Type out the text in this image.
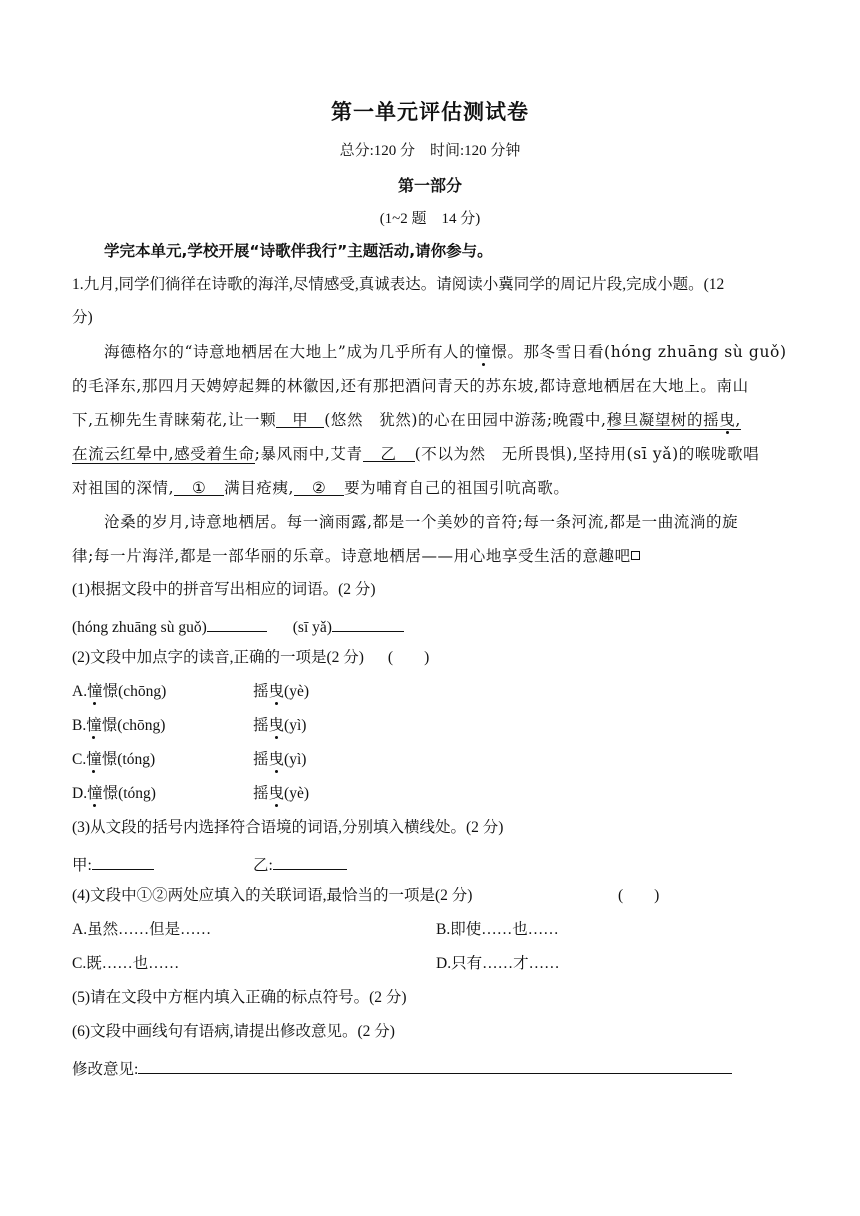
第一单元评估测试卷
总分:120 分　时间:120 分钟
第一部分
(1~2 题　14 分)
学完本单元,学校开展“诗歌伴我行”主题活动,请你参与。
1.九月,同学们徜徉在诗歌的海洋,尽情感受,真诚表达。请阅读小冀同学的周记片段,完成小题。(12
分)
海德格尔的“诗意地栖居在大地上”成为几乎所有人的憧憬。那冬雪日看(hóng zhuāng sù guǒ)
的毛泽东,那四月天娉婷起舞的林徽因,还有那把酒问青天的苏东坡,都诗意地栖居在大地上。南山
下,五柳先生青睐菊花,让一颗 甲 (悠然　犹然)的心在田园中游荡;晚霞中,穆旦凝望树的摇曳,
在流云红晕中,感受着生命;暴风雨中,艾青 乙 (不以为然　无所畏惧),坚持用(sī yǎ)的喉咙歌唱
对祖国的深情, ① 满目疮痍, ② 要为哺育自己的祖国引吭高歌。
沧桑的岁月,诗意地栖居。每一滴雨露,都是一个美妙的音符;每一条河流,都是一曲流淌的旋
律;每一片海洋,都是一部华丽的乐章。诗意地栖居——用心地享受生活的意趣吧
(1)根据文段中的拼音写出相应的词语。(2 分)
(hóng zhuāng sù guǒ)	(sī yǎ)
(2)文段中加点字的读音,正确的一项是(2 分) (　　)
A.憧憬(chōng)	摇曳(yè)
B.憧憬(chōng)	摇曳(yì)
C.憧憬(tóng)	摇曳(yì)
D.憧憬(tóng)	摇曳(yè)
(3)从文段的括号内选择符合语境的词语,分别填入横线处。(2 分)
甲:	乙:
(4)文段中①②两处应填入的关联词语,最恰当的一项是(2 分)	(　　)
A.虽然……但是……	B.即使……也……
C.既……也……	D.只有……才……
(5)请在文段中方框内填入正确的标点符号。(2 分)
(6)文段中画线句有语病,请提出修改意见。(2 分)
修改意见:
